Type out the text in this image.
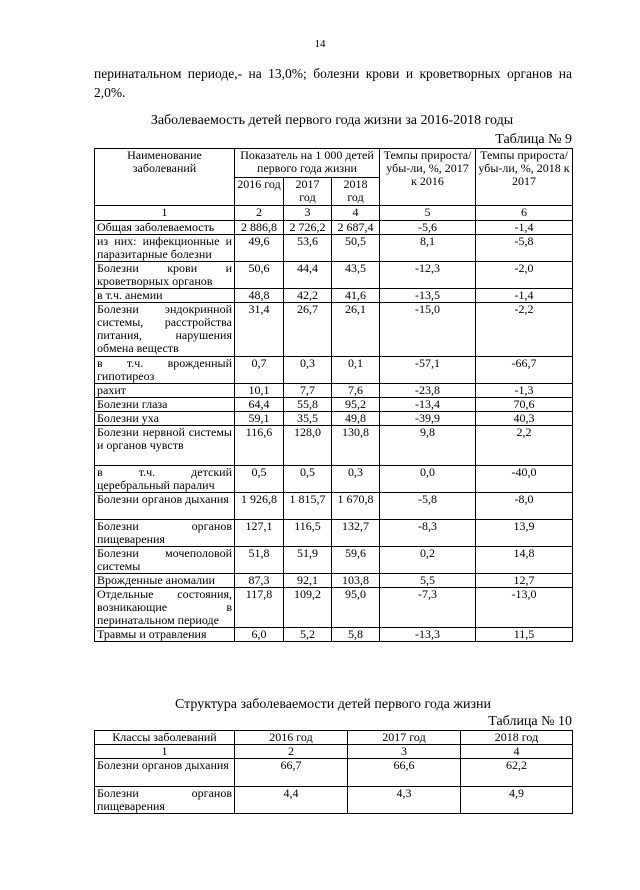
14
перинатальном периоде,- на 13,0%; болезни крови и кроветворных органов на 2,0%.
Заболеваемость детей первого года жизни за 2016-2018 годы
Таблица № 9
Наименование заболеваний	Показатель на 1 000 детей первого года жизни			Темпы прироста/убы-ли, %, 2017 к 2016	Темпы прироста/убы-ли, %, 2018 к 2017
	2016 год	2017 год	2018 год		
1	2	3	4	5	6
Общая заболеваемость	2 886,8	2 726,2	2 687,4	-5,6	-1,4
из них: инфекционные и паразитарные болезни	49,6	53,6	50,5	8,1	-5,8
Болезни крови и кроветворных органов	50,6	44,4	43,5	-12,3	-2,0
в т.ч. анемии	48,8	42,2	41,6	-13,5	-1,4
Болезни эндокринной системы, расстройства питания, нарушения обмена веществ	31,4	26,7	26,1	-15,0	-2,2
в т.ч. врожденный гипотиреоз	0,7	0,3	0,1	-57,1	-66,7
рахит	10,1	7,7	7,6	-23,8	-1,3
Болезни глаза	64,4	55,8	95,2	-13,4	70,6
Болезни уха	59,1	35,5	49,8	-39,9	40,3
Болезни нервной системы и органов чувств	116,6	128,0	130,8	9,8	2,2
в т.ч. детский церебральный паралич	0,5	0,5	0,3	0,0	-40,0
Болезни органов дыхания	1 926,8	1 815,7	1 670,8	-5,8	-8,0
Болезни органов пищеварения	127,1	116,5	132,7	-8,3	13,9
Болезни мочеполовой системы	51,8	51,9	59,6	0,2	14,8
Врожденные аномалии	87,3	92,1	103,8	5,5	12,7
Отдельные состояния, возникающие в перинатальном периоде	117,8	109,2	95,0	-7,3	-13,0
Травмы и отравления	6,0	5,2	5,8	-13,3	11,5
Структура заболеваемости детей первого года жизни
Таблица № 10
Классы заболеваний	2016 год	2017 год	2018 год
1	2	3	4
Болезни органов дыхания	66,7	66,6	62,2
Болезни органов пищеварения	4,4	4,3	4,9
